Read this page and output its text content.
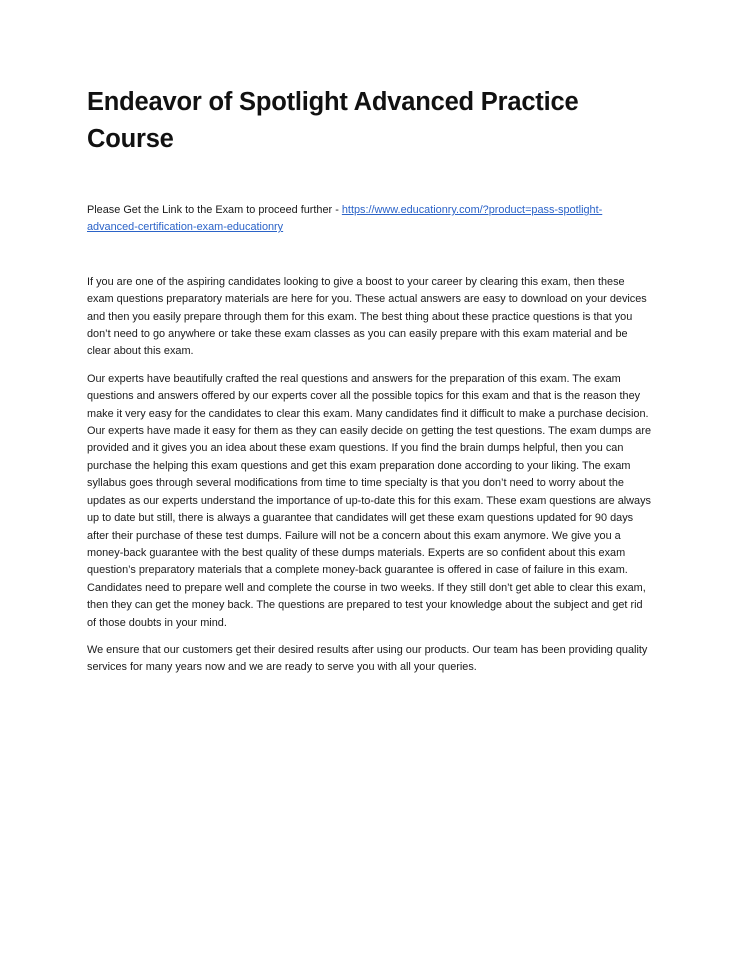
Endeavor of Spotlight Advanced Practice Course
Please Get the Link to the Exam to proceed further - https://www.educationry.com/?product=pass-spotlight-advanced-certification-exam-educationry

If you are one of the aspiring candidates looking to give a boost to your career by clearing this exam, then these exam questions preparatory materials are here for you. These actual answers are easy to download on your devices and then you easily prepare through them for this exam. The best thing about these practice questions is that you don’t need to go anywhere or take these exam classes as you can easily prepare with this exam material and be clear about this exam.

Our experts have beautifully crafted the real questions and answers for the preparation of this exam. The exam questions and answers offered by our experts cover all the possible topics for this exam and that is the reason they make it very easy for the candidates to clear this exam. Many candidates find it difficult to make a purchase decision. Our experts have made it easy for them as they can easily decide on getting the test questions. The exam dumps are provided and it gives you an idea about these exam questions. If you find the brain dumps helpful, then you can purchase the helping this exam questions and get this exam preparation done according to your liking. The exam syllabus goes through several modifications from time to time specialty is that you don’t need to worry about the updates as our experts understand the importance of up-to-date this for this exam. These exam questions are always up to date but still, there is always a guarantee that candidates will get these exam questions updated for 90 days after their purchase of these test dumps. Failure will not be a concern about this exam anymore. We give you a money-back guarantee with the best quality of these dumps materials. Experts are so confident about this exam question’s preparatory materials that a complete money-back guarantee is offered in case of failure in this exam. Candidates need to prepare well and complete the course in two weeks. If they still don’t get able to clear this exam, then they can get the money back. The questions are prepared to test your knowledge about the subject and get rid of those doubts in your mind.

We ensure that our customers get their desired results after using our products. Our team has been providing quality services for many years now and we are ready to serve you with all your queries.
